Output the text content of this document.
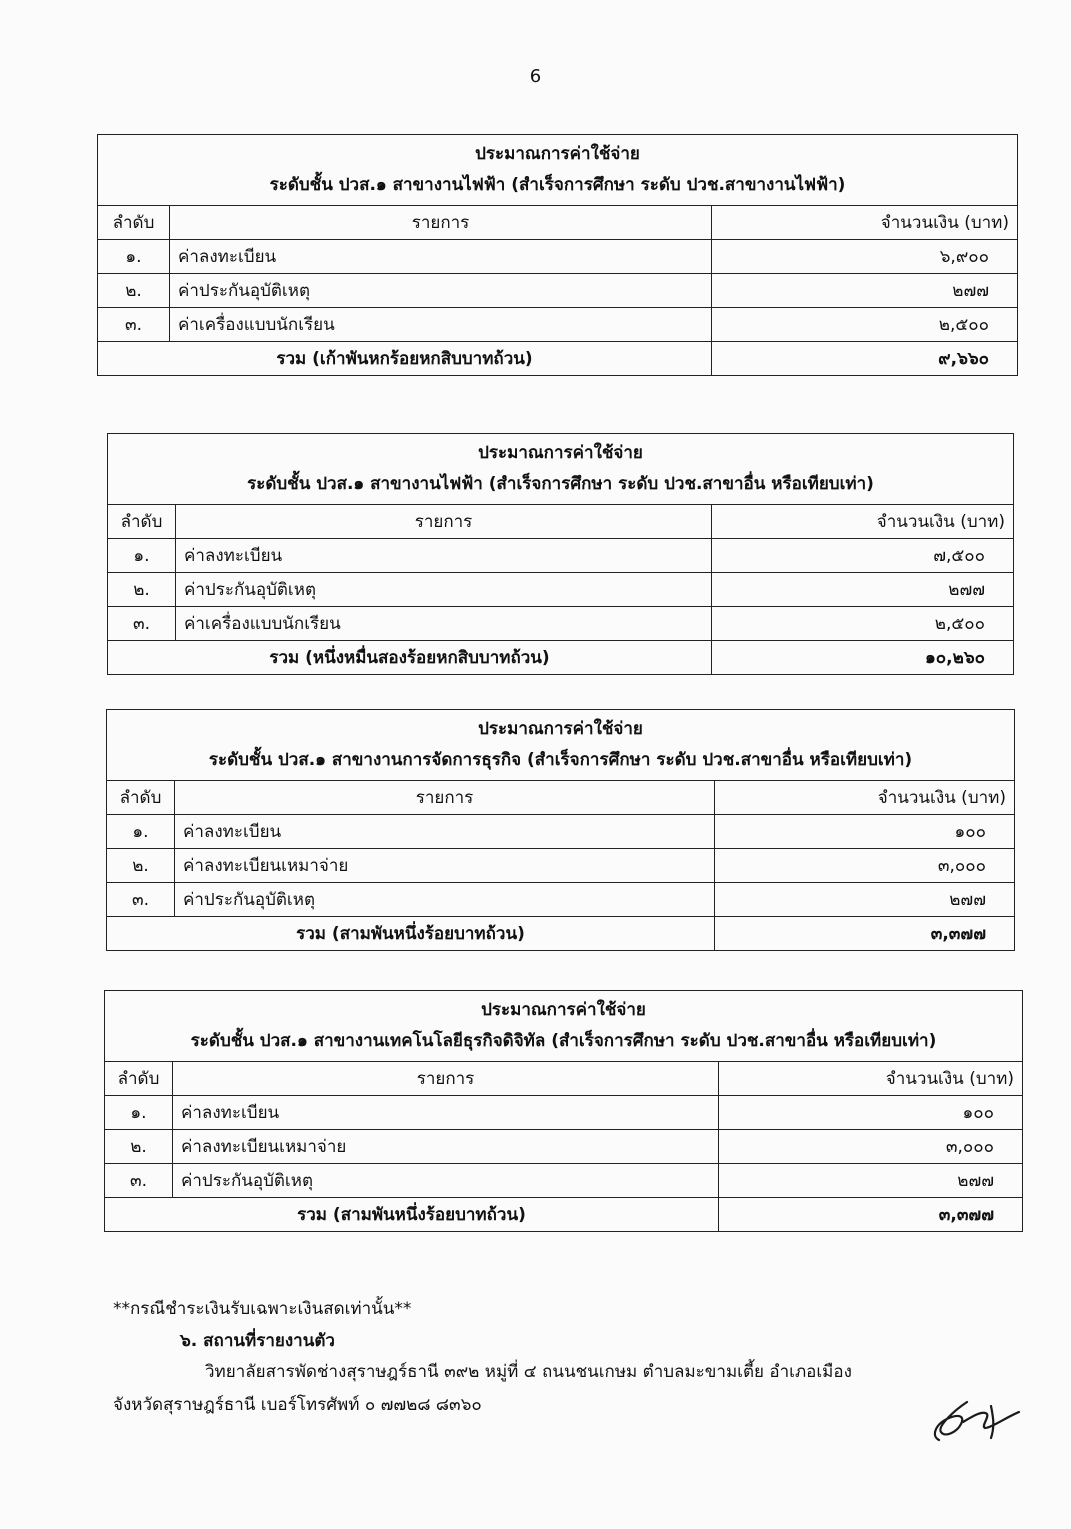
6
ประมาณการค่าใช้จ่าย
ระดับชั้น ปวส.๑ สาขางานไฟฟ้า (สำเร็จการศึกษา ระดับ ปวช.สาขางานไฟฟ้า)		

ลำดับ	รายการ	จำนวนเงิน (บาท)
๑.	ค่าลงทะเบียน	๖,๙๐๐
๒.	ค่าประกันอุบัติเหตุ	๒๗๗
๓.	ค่าเครื่องแบบนักเรียน	๒,๕๐๐
รวม (เก้าพันหกร้อยหกสิบบาทถ้วน)		๙,๖๖๐
ประมาณการค่าใช้จ่าย
ระดับชั้น ปวส.๑ สาขางานไฟฟ้า (สำเร็จการศึกษา ระดับ ปวช.สาขาอื่น หรือเทียบเท่า)		

ลำดับ	รายการ	จำนวนเงิน (บาท)
๑.	ค่าลงทะเบียน	๗,๕๐๐
๒.	ค่าประกันอุบัติเหตุ	๒๗๗
๓.	ค่าเครื่องแบบนักเรียน	๒,๕๐๐
รวม (หนึ่งหมื่นสองร้อยหกสิบบาทถ้วน)		๑๐,๒๖๐
ประมาณการค่าใช้จ่าย
ระดับชั้น ปวส.๑ สาขางานการจัดการธุรกิจ (สำเร็จการศึกษา ระดับ ปวช.สาขาอื่น หรือเทียบเท่า)		

ลำดับ	รายการ	จำนวนเงิน (บาท)
๑.	ค่าลงทะเบียน	๑๐๐
๒.	ค่าลงทะเบียนเหมาจ่าย	๓,๐๐๐
๓.	ค่าประกันอุบัติเหตุ	๒๗๗
รวม (สามพันหนึ่งร้อยบาทถ้วน)		๓,๓๗๗
ประมาณการค่าใช้จ่าย
ระดับชั้น ปวส.๑ สาขางานเทคโนโลยีธุรกิจดิจิทัล (สำเร็จการศึกษา ระดับ ปวช.สาขาอื่น หรือเทียบเท่า)		

ลำดับ	รายการ	จำนวนเงิน (บาท)
๑.	ค่าลงทะเบียน	๑๐๐
๒.	ค่าลงทะเบียนเหมาจ่าย	๓,๐๐๐
๓.	ค่าประกันอุบัติเหตุ	๒๗๗
รวม (สามพันหนึ่งร้อยบาทถ้วน)		๓,๓๗๗
**กรณีชำระเงินรับเฉพาะเงินสดเท่านั้น**
๖. สถานที่รายงานตัว
วิทยาลัยสารพัดช่างสุราษฎร์ธานี ๓๙๒ หมู่ที่ ๔ ถนนชนเกษม ตำบลมะขามเตี้ย อำเภอเมือง
จังหวัดสุราษฎร์ธานี เบอร์โทรศัพท์ ๐ ๗๗๒๘ ๘๓๖๐
